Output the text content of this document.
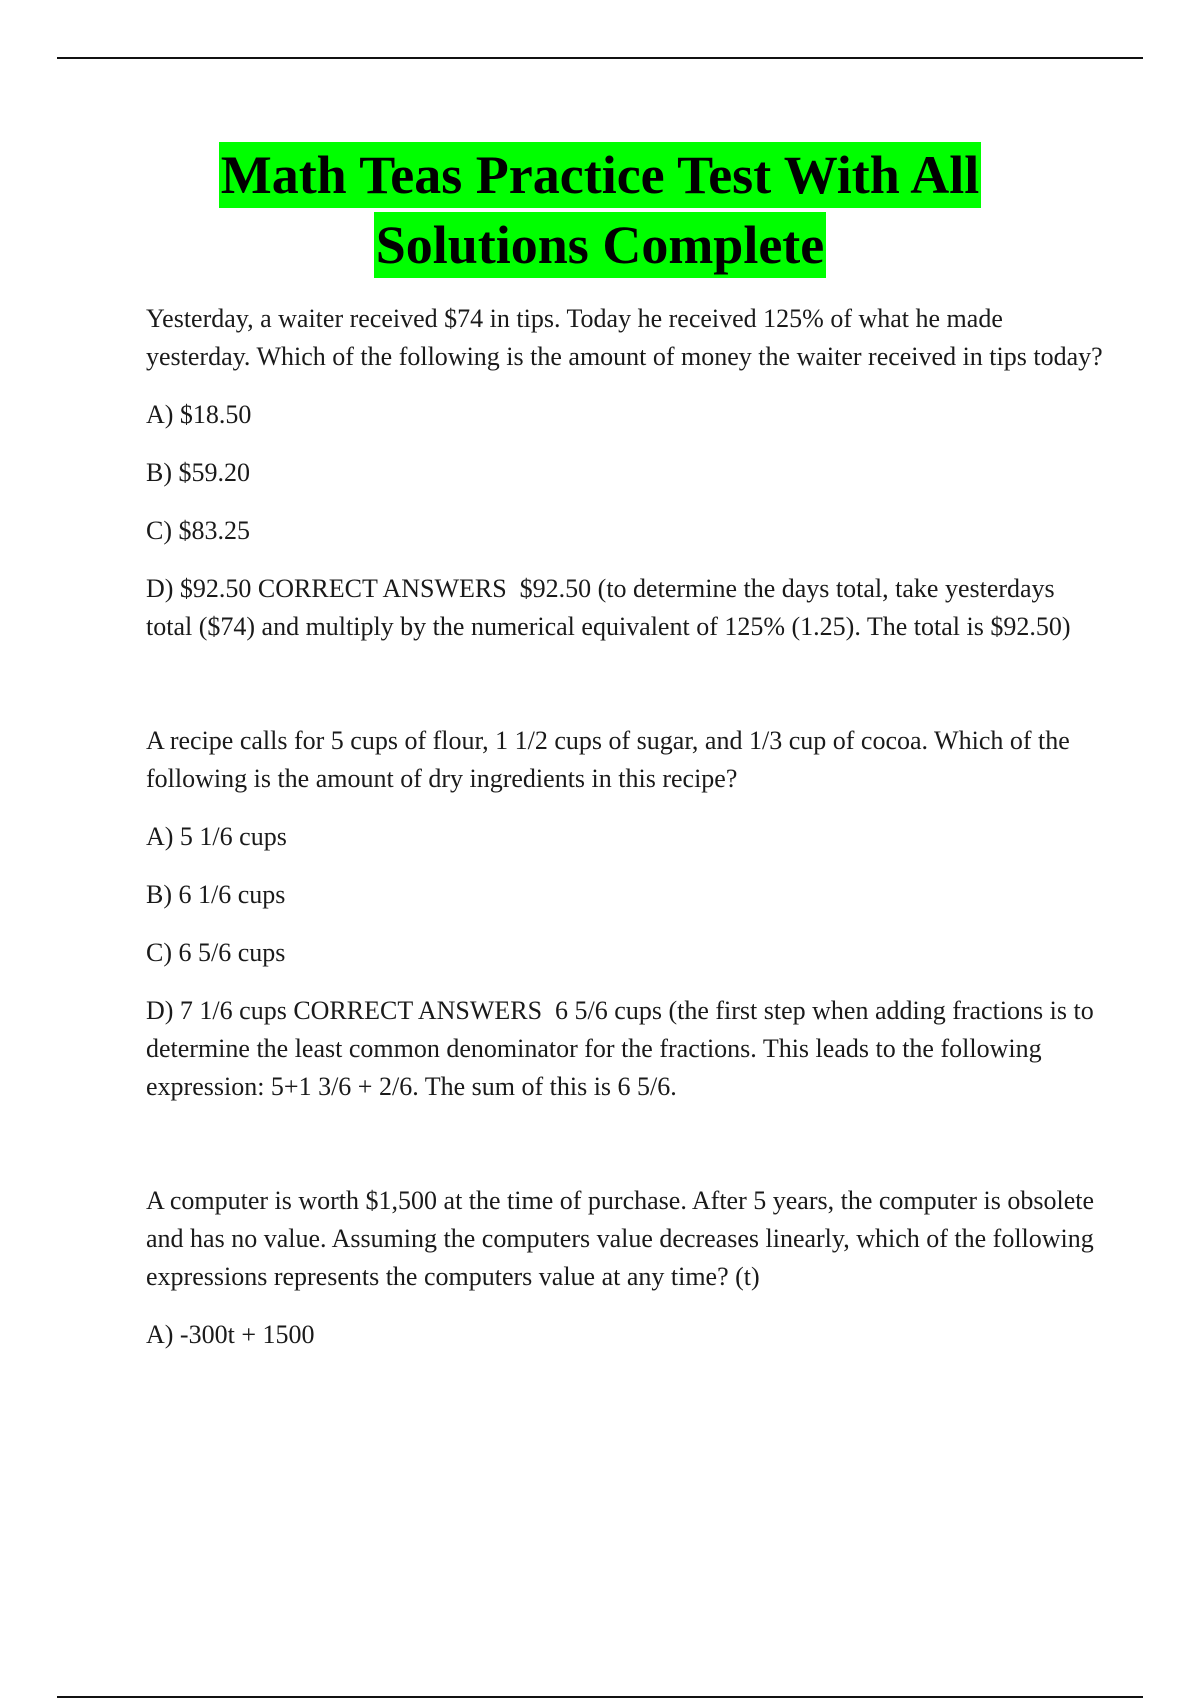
Math Teas Practice Test With All
Solutions Complete

Yesterday, a waiter received $74 in tips. Today he received 125% of what he made yesterday. Which of the following is the amount of money the waiter received in tips today?

A) $18.50

B) $59.20

C) $83.25

D) $92.50 CORRECT ANSWERS  $92.50 (to determine the days total, take yesterdays total ($74) and multiply by the numerical equivalent of 125% (1.25). The total is $92.50)

A recipe calls for 5 cups of flour, 1 1/2 cups of sugar, and 1/3 cup of cocoa. Which of the following is the amount of dry ingredients in this recipe?

A) 5 1/6 cups

B) 6 1/6 cups

C) 6 5/6 cups

D) 7 1/6 cups CORRECT ANSWERS  6 5/6 cups (the first step when adding fractions is to determine the least common denominator for the fractions. This leads to the following expression: 5+1 3/6 + 2/6. The sum of this is 6 5/6.

A computer is worth $1,500 at the time of purchase. After 5 years, the computer is obsolete and has no value. Assuming the computers value decreases linearly, which of the following expressions represents the computers value at any time? (t)

A) -300t + 1500
